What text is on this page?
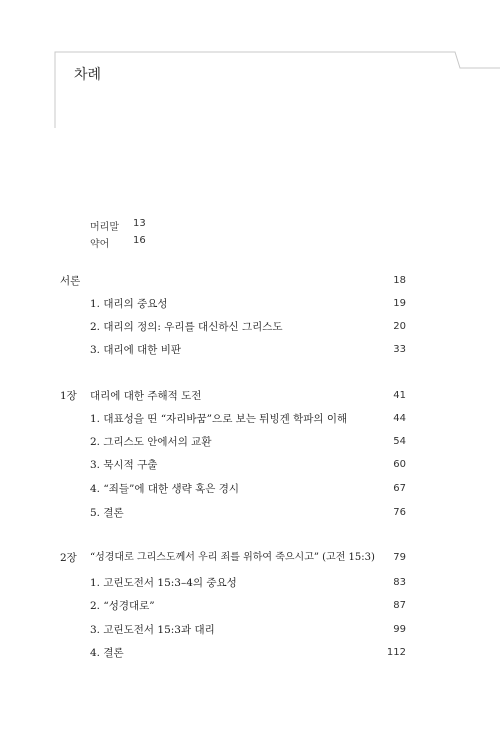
차례
머리말 13
약어 16
서론	18
1. 대리의 중요성	19
2. 대리의 정의: 우리를 대신하신 그리스도	20
3. 대리에 대한 비판	33
1장 대리에 대한 주해적 도전	41
1. 대표성을 띤 “자리바꿈”으로 보는 튀빙겐 학파의 이해	44
2. 그리스도 안에서의 교환	54
3. 묵시적 구출	60
4. “죄들”에 대한 생략 혹은 경시	67
5. 결론	76
2장 “성경대로 그리스도께서 우리 죄를 위하여 죽으시고” (고전 15:3) 79
1. 고린도전서 15:3–4의 중요성	83
2. “성경대로”	87
3. 고린도전서 15:3과 대리	99
4. 결론	112
